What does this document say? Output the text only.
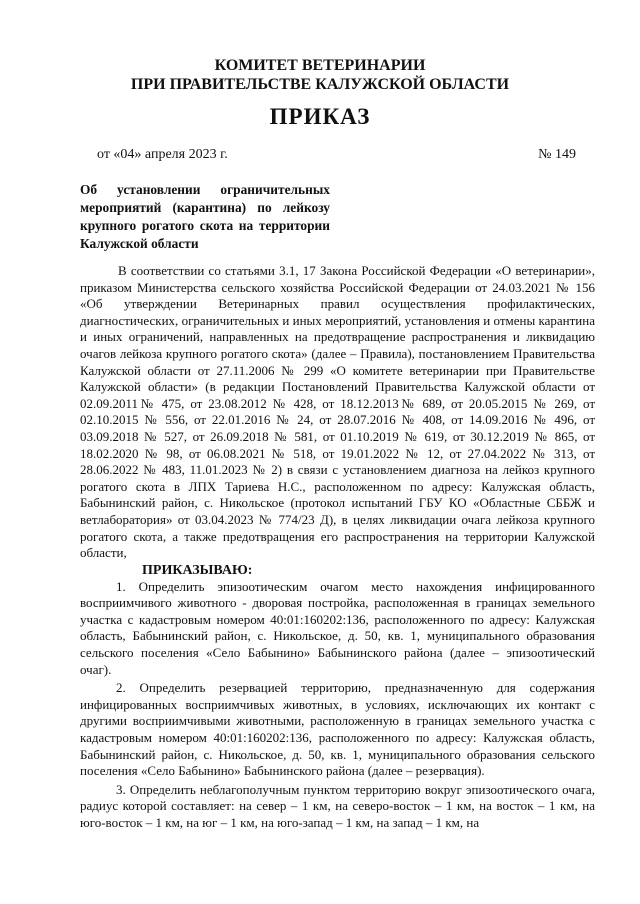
КОМИТЕТ ВЕТЕРИНАРИИ
ПРИ ПРАВИТЕЛЬСТВЕ КАЛУЖСКОЙ ОБЛАСТИ
ПРИКАЗ
от «04» апреля 2023 г.	№ 149
Об установлении ограничительных мероприятий (карантина) по лейкозу крупного рогатого скота на территории Калужской области

В соответствии со статьями 3.1, 17 Закона Российской Федерации «О ветеринарии», приказом Министерства сельского хозяйства Российской Федерации от 24.03.2021 № 156 «Об утверждении Ветеринарных правил осуществления профилактических, диагностических, ограничительных и иных мероприятий, установления и отмены карантина и иных ограничений, направленных на предотвращение распространения и ликвидацию очагов лейкоза крупного рогатого скота» (далее – Правила), постановлением Правительства Калужской области от 27.11.2006 № 299 «О комитете ветеринарии при Правительстве Калужской области» (в редакции Постановлений Правительства Калужской области от 02.09.2011№ 475, от 23.08.2012 № 428, от 18.12.2013№ 689, от 20.05.2015 № 269, от 02.10.2015 № 556, от 22.01.2016 № 24, от 28.07.2016 № 408, от 14.09.2016 № 496, от 03.09.2018 № 527, от 26.09.2018 № 581, от 01.10.2019 № 619, от 30.12.2019 № 865, от 18.02.2020 № 98, от 06.08.2021 № 518, от 19.01.2022 № 12, от 27.04.2022 № 313, от 28.06.2022 № 483, 11.01.2023 № 2) в связи с установлением диагноза на лейкоз крупного рогатого скота в ЛПХ Тариева Н.С., расположенном по адресу: Калужская область, Бабынинский район, с. Никольское (протокол испытаний ГБУ КО «Областные СББЖ и ветлаборатория» от 03.04.2023 № 774/23 Д), в целях ликвидации очага лейкоза крупного рогатого скота, а также предотвращения его распространения на территории Калужской области,

ПРИКАЗЫВАЮ:

1. Определить эпизоотическим очагом место нахождения инфицированного восприимчивого животного - дворовая постройка, расположенная в границах земельного участка с кадастровым номером 40:01:160202:136, расположенного по адресу: Калужская область, Бабынинский район, с. Никольское, д. 50, кв. 1, муниципального образования сельского поселения «Село Бабынино» Бабынинского района (далее – эпизоотический очаг).

2. Определить резервацией территорию, предназначенную для содержания инфицированных восприимчивых животных, в условиях, исключающих их контакт с другими восприимчивыми животными, расположенную в границах земельного участка с кадастровым номером 40:01:160202:136, расположенного по адресу: Калужская область, Бабынинский район, с. Никольское, д. 50, кв. 1, муниципального образования сельского поселения «Село Бабынино» Бабынинского района (далее – резервация).

3. Определить неблагополучным пунктом территорию вокруг эпизоотического очага, радиус которой составляет: на север – 1 км, на северо-восток – 1 км, на восток – 1 км, на юго-восток – 1 км, на юг – 1 км, на юго-запад – 1 км, на запад – 1 км, на
